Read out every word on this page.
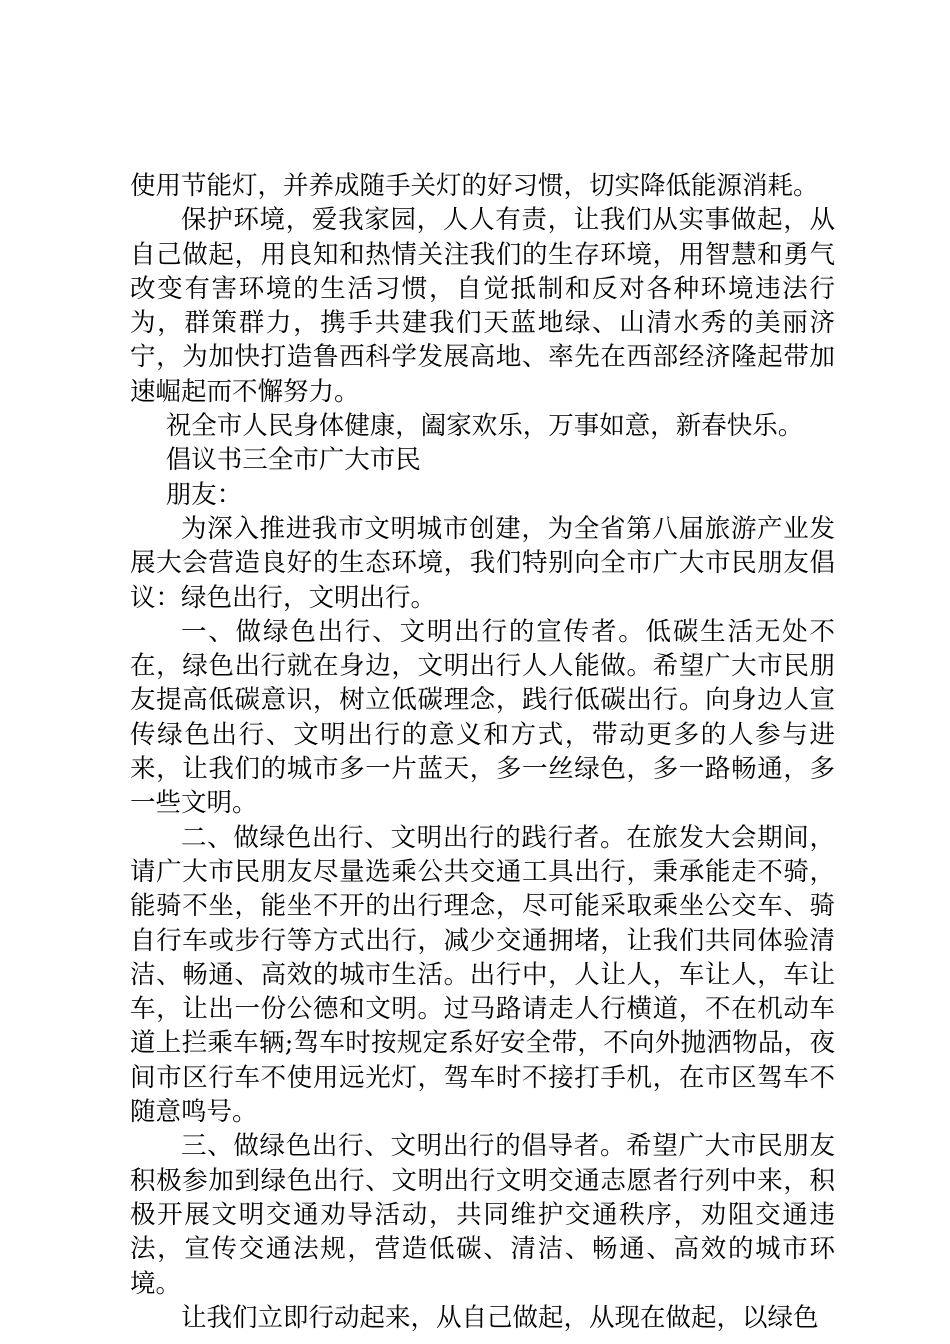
使用节能灯，并养成随手关灯的好习惯，切实降低能源消耗。

保护环境，爱我家园，人人有责，让我们从实事做起，从自己做起，用良知和热情关注我们的生存环境，用智慧和勇气改变有害环境的生活习惯，自觉抵制和反对各种环境违法行为，群策群力，携手共建我们天蓝地绿、山清水秀的美丽济宁，为加快打造鲁西科学发展高地、率先在西部经济隆起带加速崛起而不懈努力。

祝全市人民身体健康，阖家欢乐，万事如意，新春快乐。

倡议书三全市广大市民

朋友：

为深入推进我市文明城市创建，为全省第八届旅游产业发展大会营造良好的生态环境，我们特别向全市广大市民朋友倡议：绿色出行，文明出行。

一、做绿色出行、文明出行的宣传者。低碳生活无处不在，绿色出行就在身边，文明出行人人能做。希望广大市民朋友提高低碳意识，树立低碳理念，践行低碳出行。向身边人宣传绿色出行、文明出行的意义和方式，带动更多的人参与进来，让我们的城市多一片蓝天，多一丝绿色，多一路畅通，多一些文明。

二、做绿色出行、文明出行的践行者。在旅发大会期间，请广大市民朋友尽量选乘公共交通工具出行，秉承能走不骑，能骑不坐，能坐不开的出行理念，尽可能采取乘坐公交车、骑自行车或步行等方式出行，减少交通拥堵，让我们共同体验清洁、畅通、高效的城市生活。出行中，人让人，车让人，车让车，让出一份公德和文明。过马路请走人行横道，不在机动车道上拦乘车辆;驾车时按规定系好安全带，不向外抛洒物品，夜间市区行车不使用远光灯，驾车时不接打手机，在市区驾车不随意鸣号。

三、做绿色出行、文明出行的倡导者。希望广大市民朋友积极参加到绿色出行、文明出行文明交通志愿者行列中来，积极开展文明交通劝导活动，共同维护交通秩序，劝阻交通违法，宣传交通法规，营造低碳、清洁、畅通、高效的城市环境。

让我们立即行动起来，从自己做起，从现在做起，以绿色
